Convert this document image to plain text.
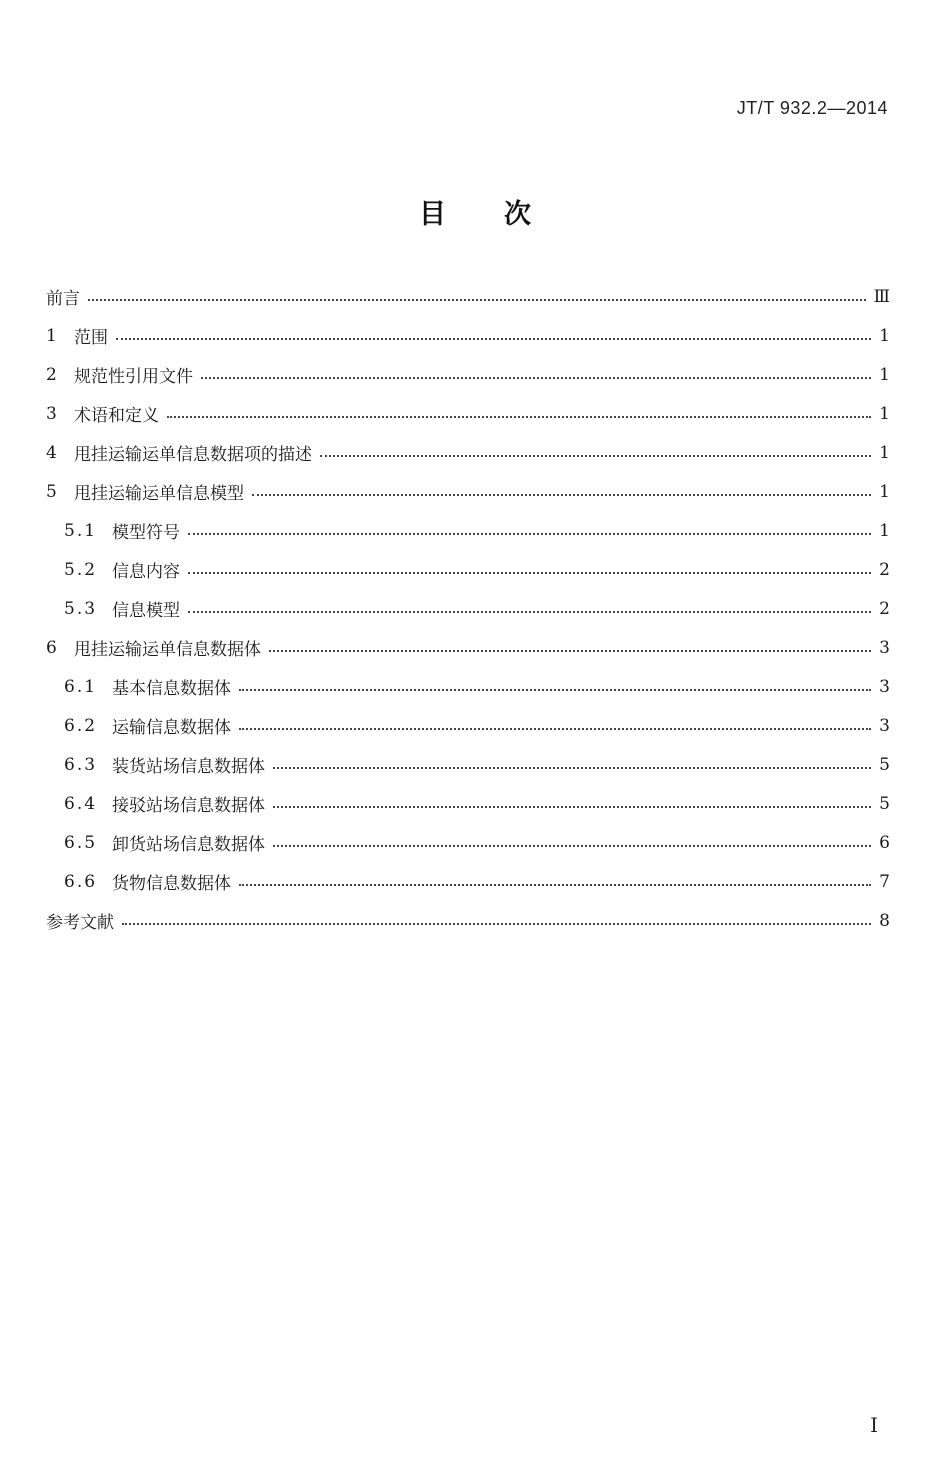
JT/T 932.2—2014
目次
前言	Ⅲ
1 范围	1
2 规范性引用文件	1
3 术语和定义	1
4 甩挂运输运单信息数据项的描述	1
5 甩挂运输运单信息模型	1
5.1 模型符号	1
5.2 信息内容	2
5.3 信息模型	2
6 甩挂运输运单信息数据体	3
6.1 基本信息数据体	3
6.2 运输信息数据体	3
6.3 装货站场信息数据体	5
6.4 接驳站场信息数据体	5
6.5 卸货站场信息数据体	6
6.6 货物信息数据体	7
参考文献	8
I
